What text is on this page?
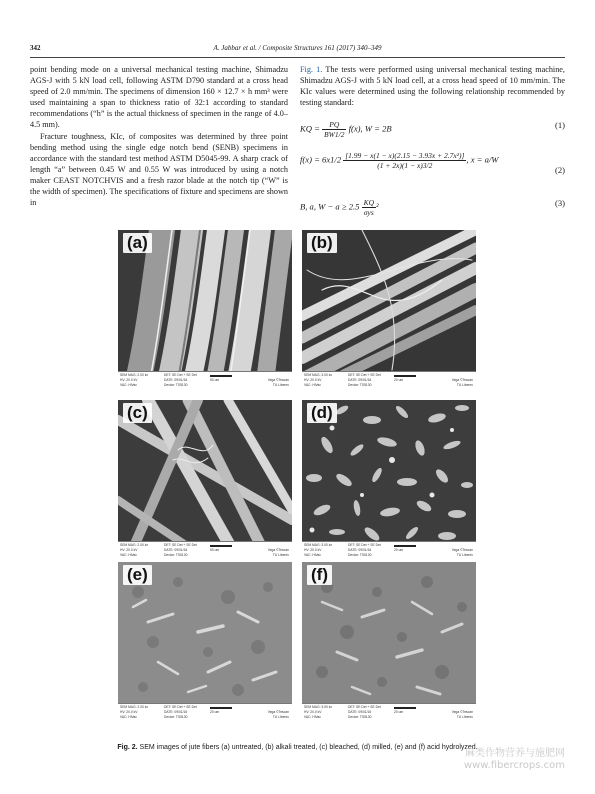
342	A. Jabbar et al. / Composite Structures 161 (2017) 340–349

point bending mode on a universal mechanical testing machine, Shimadzu AGS-J with 5 kN load cell, following ASTM D790 standard at a cross head speed of 2.0 mm/min. The specimens of dimension 160 × 12.7 × h mm³ were used maintaining a span to thickness ratio of 32:1 according to standard recommendations (“h” is the actual thickness of specimen in the range of 4.0–4.5 mm).

Fracture toughness, KIc, of composites was determined by three point bending method using the single edge notch bend (SENB) specimens in accordance with the standard test method ASTM D5045-99. A sharp crack of length “a” between 0.45 W and 0.55 W was introduced by using a notch maker CEAST NOTCHVIS and a fresh razor blade at the notch tip (“W” is the width of specimen). The specifications of fixture and specimens are shown in

Fig. 1. The tests were performed using universal mechanical testing machine, Shimadzu AGS-J with 5 kN load cell, at a cross head speed of 10 mm/min. The KIc values were determined using the following relationship recommended by testing standard:

KQ = $\frac{PQ}{BW1/2} f(x)$, W = 2B	(1)
$f(x) = 6x1/2 \frac{\text{[1.99 − x(1 − x)(2.15 − 3.93x + 2.7x²)]}}{(1 + 2x)(1 - x)3/2}$ , x = a/W
(2)
B, a, $W - a \ge 2.5 \frac{KQ}{\text{σys}} ^2$	(3)
(a)
SEM MAG: 2.00 kx
HV: 20.0 kV
VAC: HiVac
DET: SE Det + SE Det
DATE: 09/01/16
Device: TS5130
50 um	Vega ©Tescan
TU Liberec
(b)
SEM MAG: 3.00 kx
HV: 20.0 kV
VAC: HiVac
DET: SE Det + SE Det
DATE: 09/01/16
Device: TS5130
20 um	Vega ©Tescan
TU Liberec
(c)
SEM MAG: 2.00 kx
HV: 20.0 kV
VAC: HiVac
DET: SE Det + SE Det
DATE: 09/01/16
Device: TS5130
50 um	Vega ©Tescan
TU Liberec
(d)
SEM MAG: 3.00 kx
HV: 20.0 kV
VAC: HiVac
DET: SE Det + SE Det
DATE: 09/01/16
Device: TS5130
20 um	Vega ©Tescan
TU Liberec
(e)
SEM MAG: 2.00 kx
HV: 20.0 kV
VAC: HiVac
DET: SE Det + SE Det
DATE: 09/01/16
Device: TS5130
20 um	Vega ©Tescan
TU Liberec
(f)
SEM MAG: 3.00 kx
HV: 20.0 kV
VAC: HiVac
DET: SE Det + SE Det
DATE: 09/01/16
Device: TS5130
20 um	Vega ©Tescan
TU Liberec
Fig. 2. SEM images of jute fibers (a) untreated, (b) alkali treated, (c) bleached, (d) milled, (e) and (f) acid hydrolyzed.
麻类作物营养与施肥网
www.fibercrops.com
